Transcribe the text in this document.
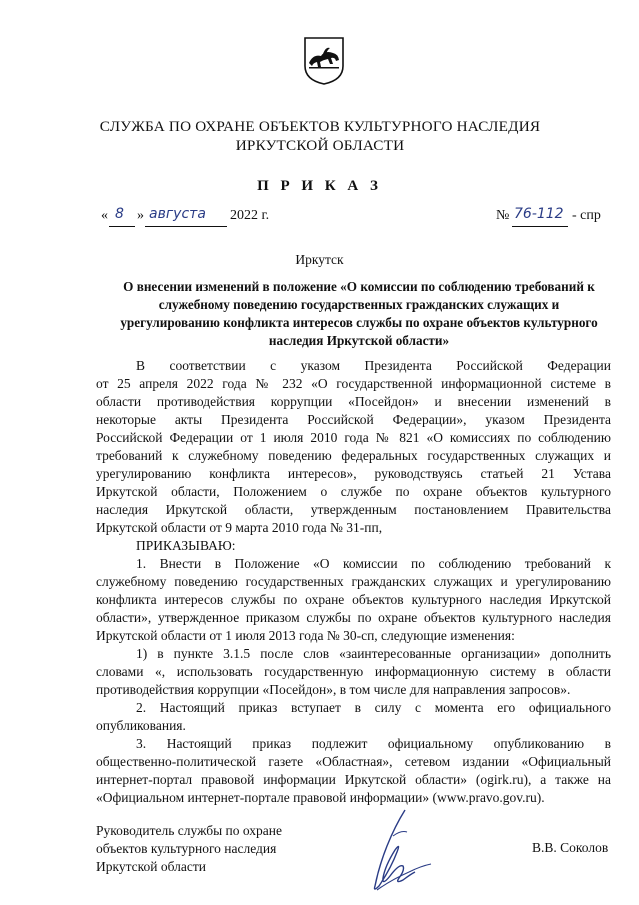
СЛУЖБА ПО ОХРАНЕ ОБЪЕКТОВ КУЛЬТУРНОГО НАСЛЕДИЯ
ИРКУТСКОЙ ОБЛАСТИ
П Р И К А З
« 8 » августа 2022 г.	№ 76-112 - спр
Иркутск
О внесении изменений в положение «О комиссии по соблюдению требований к
служебному поведению государственных гражданских служащих и
урегулированию конфликта интересов службы по охране объектов культурного
наследия Иркутской области»
В соответствии с указом Президента Российской Федерации
от 25 апреля 2022 года № 232 «О государственной информационной системе в
области противодействия коррупции «Посейдон» и внесении изменений в
некоторые акты Президента Российской Федерации», указом Президента
Российской Федерации от 1 июля 2010 года № 821 «О комиссиях по соблюдению
требований к служебному поведению федеральных государственных служащих и
урегулированию конфликта интересов», руководствуясь статьей 21 Устава
Иркутской области, Положением о службе по охране объектов культурного
наследия Иркутской области, утвержденным постановлением Правительства
Иркутской области от 9 марта 2010 года № 31-пп,
ПРИКАЗЫВАЮ:
1. Внести в Положение «О комиссии по соблюдению требований к
служебному поведению государственных гражданских служащих и урегулированию
конфликта интересов службы по охране объектов культурного наследия Иркутской
области», утвержденное приказом службы по охране объектов культурного наследия
Иркутской области от 1 июля 2013 года № 30-сп, следующие изменения:
1) в пункте 3.1.5 после слов «заинтересованные организации» дополнить
словами «, использовать государственную информационную систему в области
противодействия коррупции «Посейдон», в том числе для направления запросов».
2. Настоящий приказ вступает в силу с момента его официального
опубликования.
3. Настоящий приказ подлежит официальному опубликованию в
общественно-политической газете «Областная», сетевом издании «Официальный
интернет-портал правовой информации Иркутской области» (ogirk.ru), а также на
«Официальном интернет-портале правовой информации» (www.pravo.gov.ru).
Руководитель службы по охране
объектов культурного наследия
Иркутской области
В.В. Соколов
